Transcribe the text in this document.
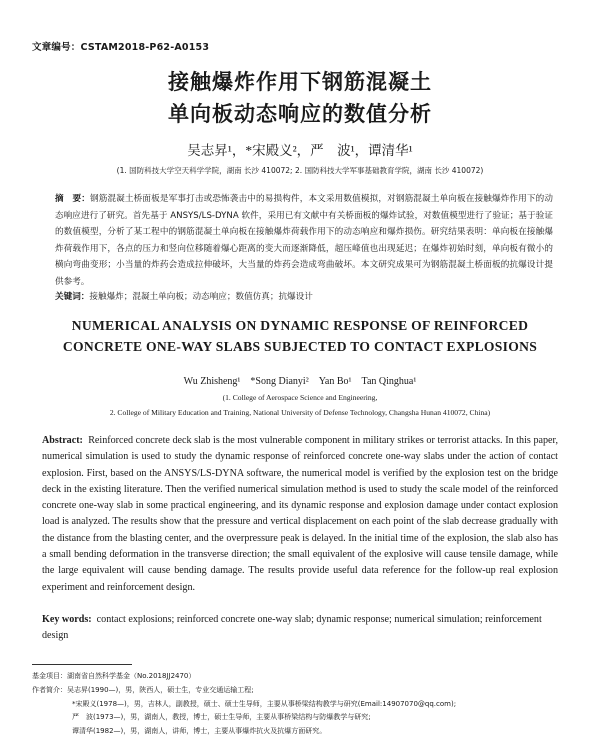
文章编号：CSTAM2018-P62-A0153
接触爆炸作用下钢筋混凝土
单向板动态响应的数值分析
吴志昇¹，*宋殿义²，严　波¹，谭清华¹
(1. 国防科技大学空天科学学院，湖南 长沙 410072; 2. 国防科技大学军事基础教育学院，湖南 长沙 410072)
摘　要：钢筋混凝土桥面板是军事打击或恐怖袭击中的易损构件，本文采用数值模拟，对钢筋混凝土单向板在接触爆炸作用下的动态响应进行了研究。首先基于 ANSYS/LS-DYNA 软件，采用已有文献中有关桥面板的爆炸试验，对数值模型进行了验证；基于验证的数值模型，分析了某工程中的钢筋混凝土单向板在接触爆炸荷载作用下的动态响应和爆炸损伤。研究结果表明：单向板在接触爆炸荷载作用下，各点的压力和竖向位移随着爆心距离的变大而逐渐降低，超压峰值也出现延迟；在爆炸初始时刻，单向板有微小的横向弯曲变形；小当量的炸药会造成拉伸破坏，大当量的炸药会造成弯曲破坏。本文研究成果可为钢筋混凝土桥面板的抗爆设计提供参考。
关键词：接触爆炸；混凝土单向板；动态响应；数值仿真；抗爆设计
NUMERICAL ANALYSIS ON DYNAMIC RESPONSE OF REINFORCED
CONCRETE ONE-WAY SLABS SUBJECTED TO CONTACT EXPLOSIONS
Wu Zhisheng¹　*Song Dianyi²　Yan Bo¹　Tan Qinghua¹
(1. College of Aerospace Science and Engineering,
2. College of Military Education and Training, National University of Defense Technology, Changsha Hunan 410072, China)
Abstract: Reinforced concrete deck slab is the most vulnerable component in military strikes or terrorist attacks. In this paper, numerical simulation is used to study the dynamic response of reinforced concrete one-way slabs under the action of contact explosion. First, based on the ANSYS/LS-DYNA software, the numerical model is verified by the explosion test on the bridge deck in the existing literature. Then the verified numerical simulation method is used to study the scale model of the reinforced concrete one-way slab in some practical engineering, and its dynamic response and explosion damage under contact explosion load is analyzed. The results show that the pressure and vertical displacement on each point of the slab decrease gradually with the distance from the blasting center, and the overpressure peak is delayed. In the initial time of the explosion, the slab also has a small bending deformation in the transverse direction; the small equivalent of the explosive will cause tensile damage, while the large equivalent will cause bending damage. The results provide useful data reference for the follow-up real explosion experiment and reinforcement design.
Key words: contact explosions; reinforced concrete one-way slab; dynamic response; numerical simulation; reinforcement design
基金项目：湖南省自然科学基金（No.2018JJ2470）
作者简介：吴志昇(1990—)，男，陕西人，硕士生，专业交通运输工程;
*宋殿义(1978—)，男，吉林人，副教授，硕士、硕士生导师，主要从事桥梁结构教学与研究(Email:14907070@qq.com);
严　波(1973—)，男，湖南人，教授，博士，硕士生导师，主要从事桥梁结构与防爆教学与研究;
谭清华(1982—)，男，湖南人，讲师，博士，主要从事爆炸抗火及抗爆方面研究。
